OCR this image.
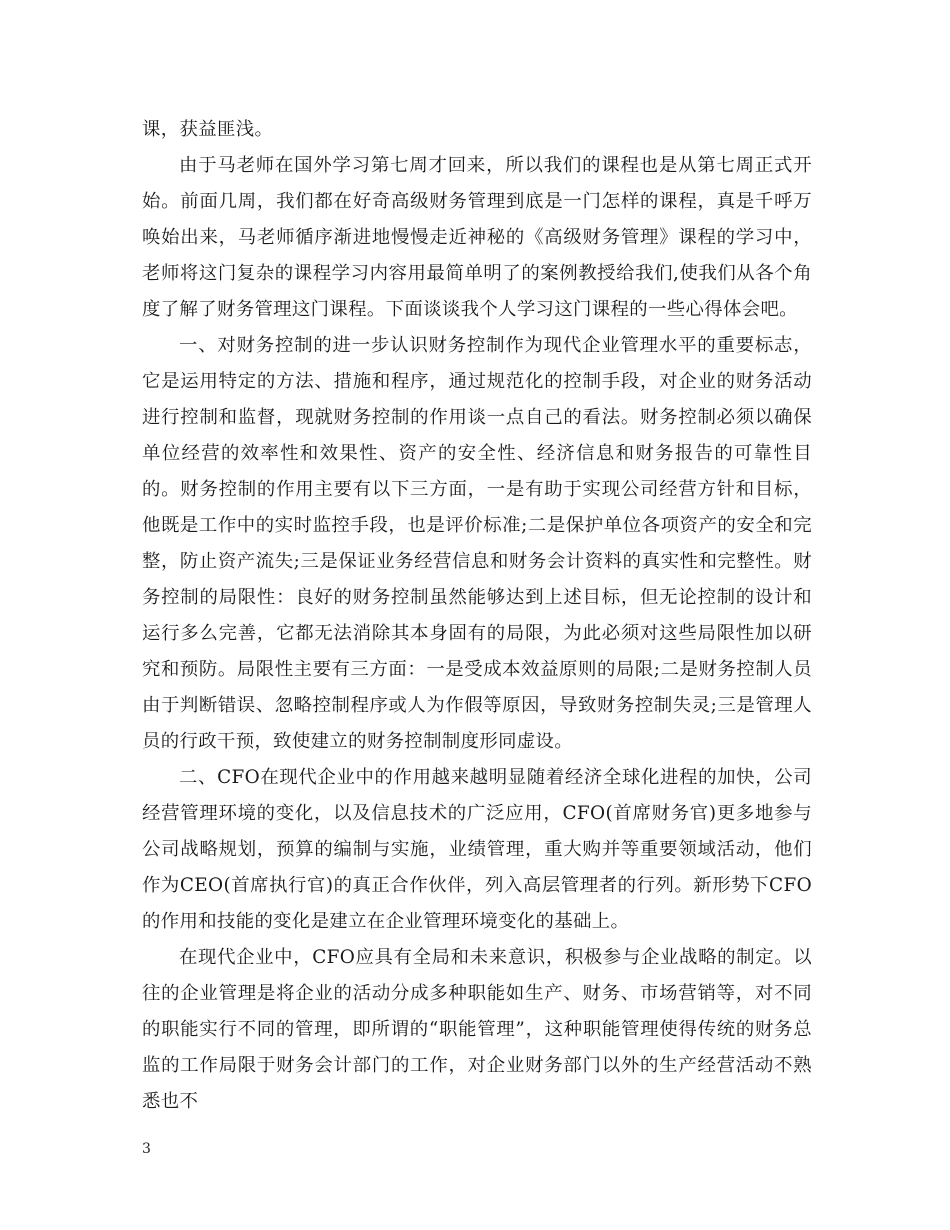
课，获益匪浅。

由于马老师在国外学习第七周才回来，所以我们的课程也是从第七周正式开始。前面几周，我们都在好奇高级财务管理到底是一门怎样的课程，真是千呼万唤始出来，马老师循序渐进地慢慢走近神秘的《高级财务管理》课程的学习中，老师将这门复杂的课程学习内容用最简单明了的案例教授给我们,使我们从各个角度了解了财务管理这门课程。下面谈谈我个人学习这门课程的一些心得体会吧。

一、对财务控制的进一步认识财务控制作为现代企业管理水平的重要标志，它是运用特定的方法、措施和程序，通过规范化的控制手段，对企业的财务活动进行控制和监督，现就财务控制的作用谈一点自己的看法。财务控制必须以确保单位经营的效率性和效果性、资产的安全性、经济信息和财务报告的可靠性目的。财务控制的作用主要有以下三方面，一是有助于实现公司经营方针和目标，他既是工作中的实时监控手段，也是评价标准;二是保护单位各项资产的安全和完整，防止资产流失;三是保证业务经营信息和财务会计资料的真实性和完整性。财务控制的局限性：良好的财务控制虽然能够达到上述目标，但无论控制的设计和运行多么完善，它都无法消除其本身固有的局限，为此必须对这些局限性加以研究和预防。局限性主要有三方面：一是受成本效益原则的局限;二是财务控制人员由于判断错误、忽略控制程序或人为作假等原因，导致财务控制失灵;三是管理人员的行政干预，致使建立的财务控制制度形同虚设。

二、CFO在现代企业中的作用越来越明显随着经济全球化进程的加快，公司经营管理环境的变化，以及信息技术的广泛应用，CFO(首席财务官)更多地参与公司战略规划，预算的编制与实施，业绩管理，重大购并等重要领域活动，他们作为CEO(首席执行官)的真正合作伙伴，列入高层管理者的行列。新形势下CFO的作用和技能的变化是建立在企业管理环境变化的基础上。

在现代企业中，CFO应具有全局和未来意识，积极参与企业战略的制定。以往的企业管理是将企业的活动分成多种职能如生产、财务、市场营销等，对不同的职能实行不同的管理，即所谓的“职能管理”，这种职能管理使得传统的财务总监的工作局限于财务会计部门的工作，对企业财务部门以外的生产经营活动不熟悉也不

3
